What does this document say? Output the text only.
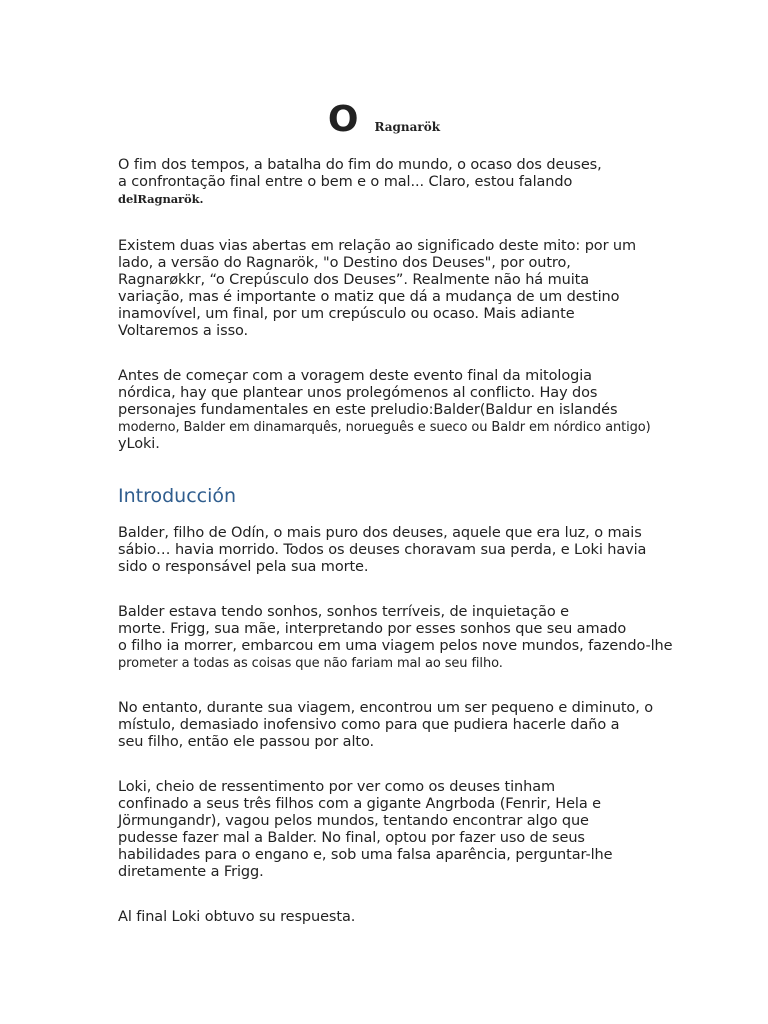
O Ragnarök
O fim dos tempos, a batalha do fim do mundo, o ocaso dos deuses,
a confrontação final entre o bem e o mal... Claro, estou falando
delRagnarök.
Existem duas vias abertas em relação ao significado deste mito: por um
lado, a versão do Ragnarök, "o Destino dos Deuses", por outro,
Ragnarøkkr, “o Crepúsculo dos Deuses”. Realmente não há muita
variação, mas é importante o matiz que dá a mudança de um destino
inamovível, um final, por um crepúsculo ou ocaso. Mais adiante
Voltaremos a isso.
Antes de começar com a voragem deste evento final da mitologia
nórdica, hay que plantear unos prolegómenos al conflicto. Hay dos
personajes fundamentales en este preludio:Balder(Baldur en islandés
moderno, Balder em dinamarquês, norueguês e sueco ou Baldr em nórdico antigo)
yLoki.
Introducción
Balder, filho de Odín, o mais puro dos deuses, aquele que era luz, o mais
sábio… havia morrido. Todos os deuses choravam sua perda, e Loki havia
sido o responsável pela sua morte.
Balder estava tendo sonhos, sonhos terríveis, de inquietação e
morte. Frigg, sua mãe, interpretando por esses sonhos que seu amado
o filho ia morrer, embarcou em uma viagem pelos nove mundos, fazendo-lhe
prometer a todas as coisas que não fariam mal ao seu filho.
No entanto, durante sua viagem, encontrou um ser pequeno e diminuto, o
místulo, demasiado inofensivo como para que pudiera hacerle daño a
seu filho, então ele passou por alto.
Loki, cheio de ressentimento por ver como os deuses tinham
confinado a seus três filhos com a gigante Angrboda (Fenrir, Hela e
Jörmungandr), vagou pelos mundos, tentando encontrar algo que
pudesse fazer mal a Balder. No final, optou por fazer uso de seus
habilidades para o engano e, sob uma falsa aparência, perguntar-lhe
diretamente a Frigg.
Al final Loki obtuvo su respuesta.
